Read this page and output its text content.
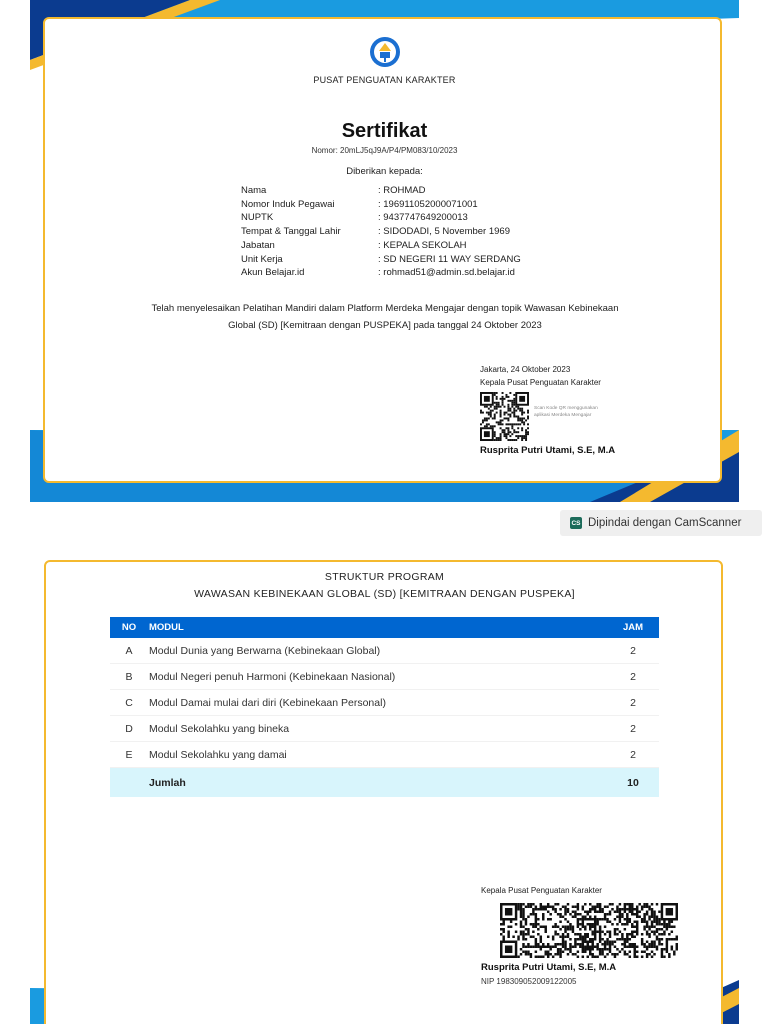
PUSAT PENGUATAN KARAKTER
Sertifikat
Nomor: 20mLJ5qJ9A/P4/PM083/10/2023
Diberikan kepada:
Nama	: ROHMAD
Nomor Induk Pegawai	: 196911052000071001
NUPTK	: 9437747649200013
Tempat & Tanggal Lahir	: SIDODADI, 5 November 1969
Jabatan	: KEPALA SEKOLAH
Unit Kerja	: SD NEGERI 11 WAY SERDANG
Akun Belajar.id	: rohmad51@admin.sd.belajar.id
Telah menyelesaikan Pelatihan Mandiri dalam Platform Merdeka Mengajar dengan topik Wawasan Kebinekaan
Global (SD) [Kemitraan dengan PUSPEKA] pada tanggal 24 Oktober 2023
Jakarta, 24 Oktober 2023
Kepala Pusat Penguatan Karakter
Scan Kode QR menggunakan aplikasi Merdeka Mengajar
Rusprita Putri Utami, S.E, M.A
CS Dipindai dengan CamScanner
STRUKTUR PROGRAM
WAWASAN KEBINEKAAN GLOBAL (SD) [KEMITRAAN DENGAN PUSPEKA]
NO	MODUL	JAM
A	Modul Dunia yang Berwarna (Kebinekaan Global)	2
B	Modul Negeri penuh Harmoni (Kebinekaan Nasional)	2
C	Modul Damai mulai dari diri (Kebinekaan Personal)	2
D	Modul Sekolahku yang bineka	2
E	Modul Sekolahku yang damai	2
	Jumlah	10
Kepala Pusat Penguatan Karakter
Rusprita Putri Utami, S.E, M.A
NIP 198309052009122005
